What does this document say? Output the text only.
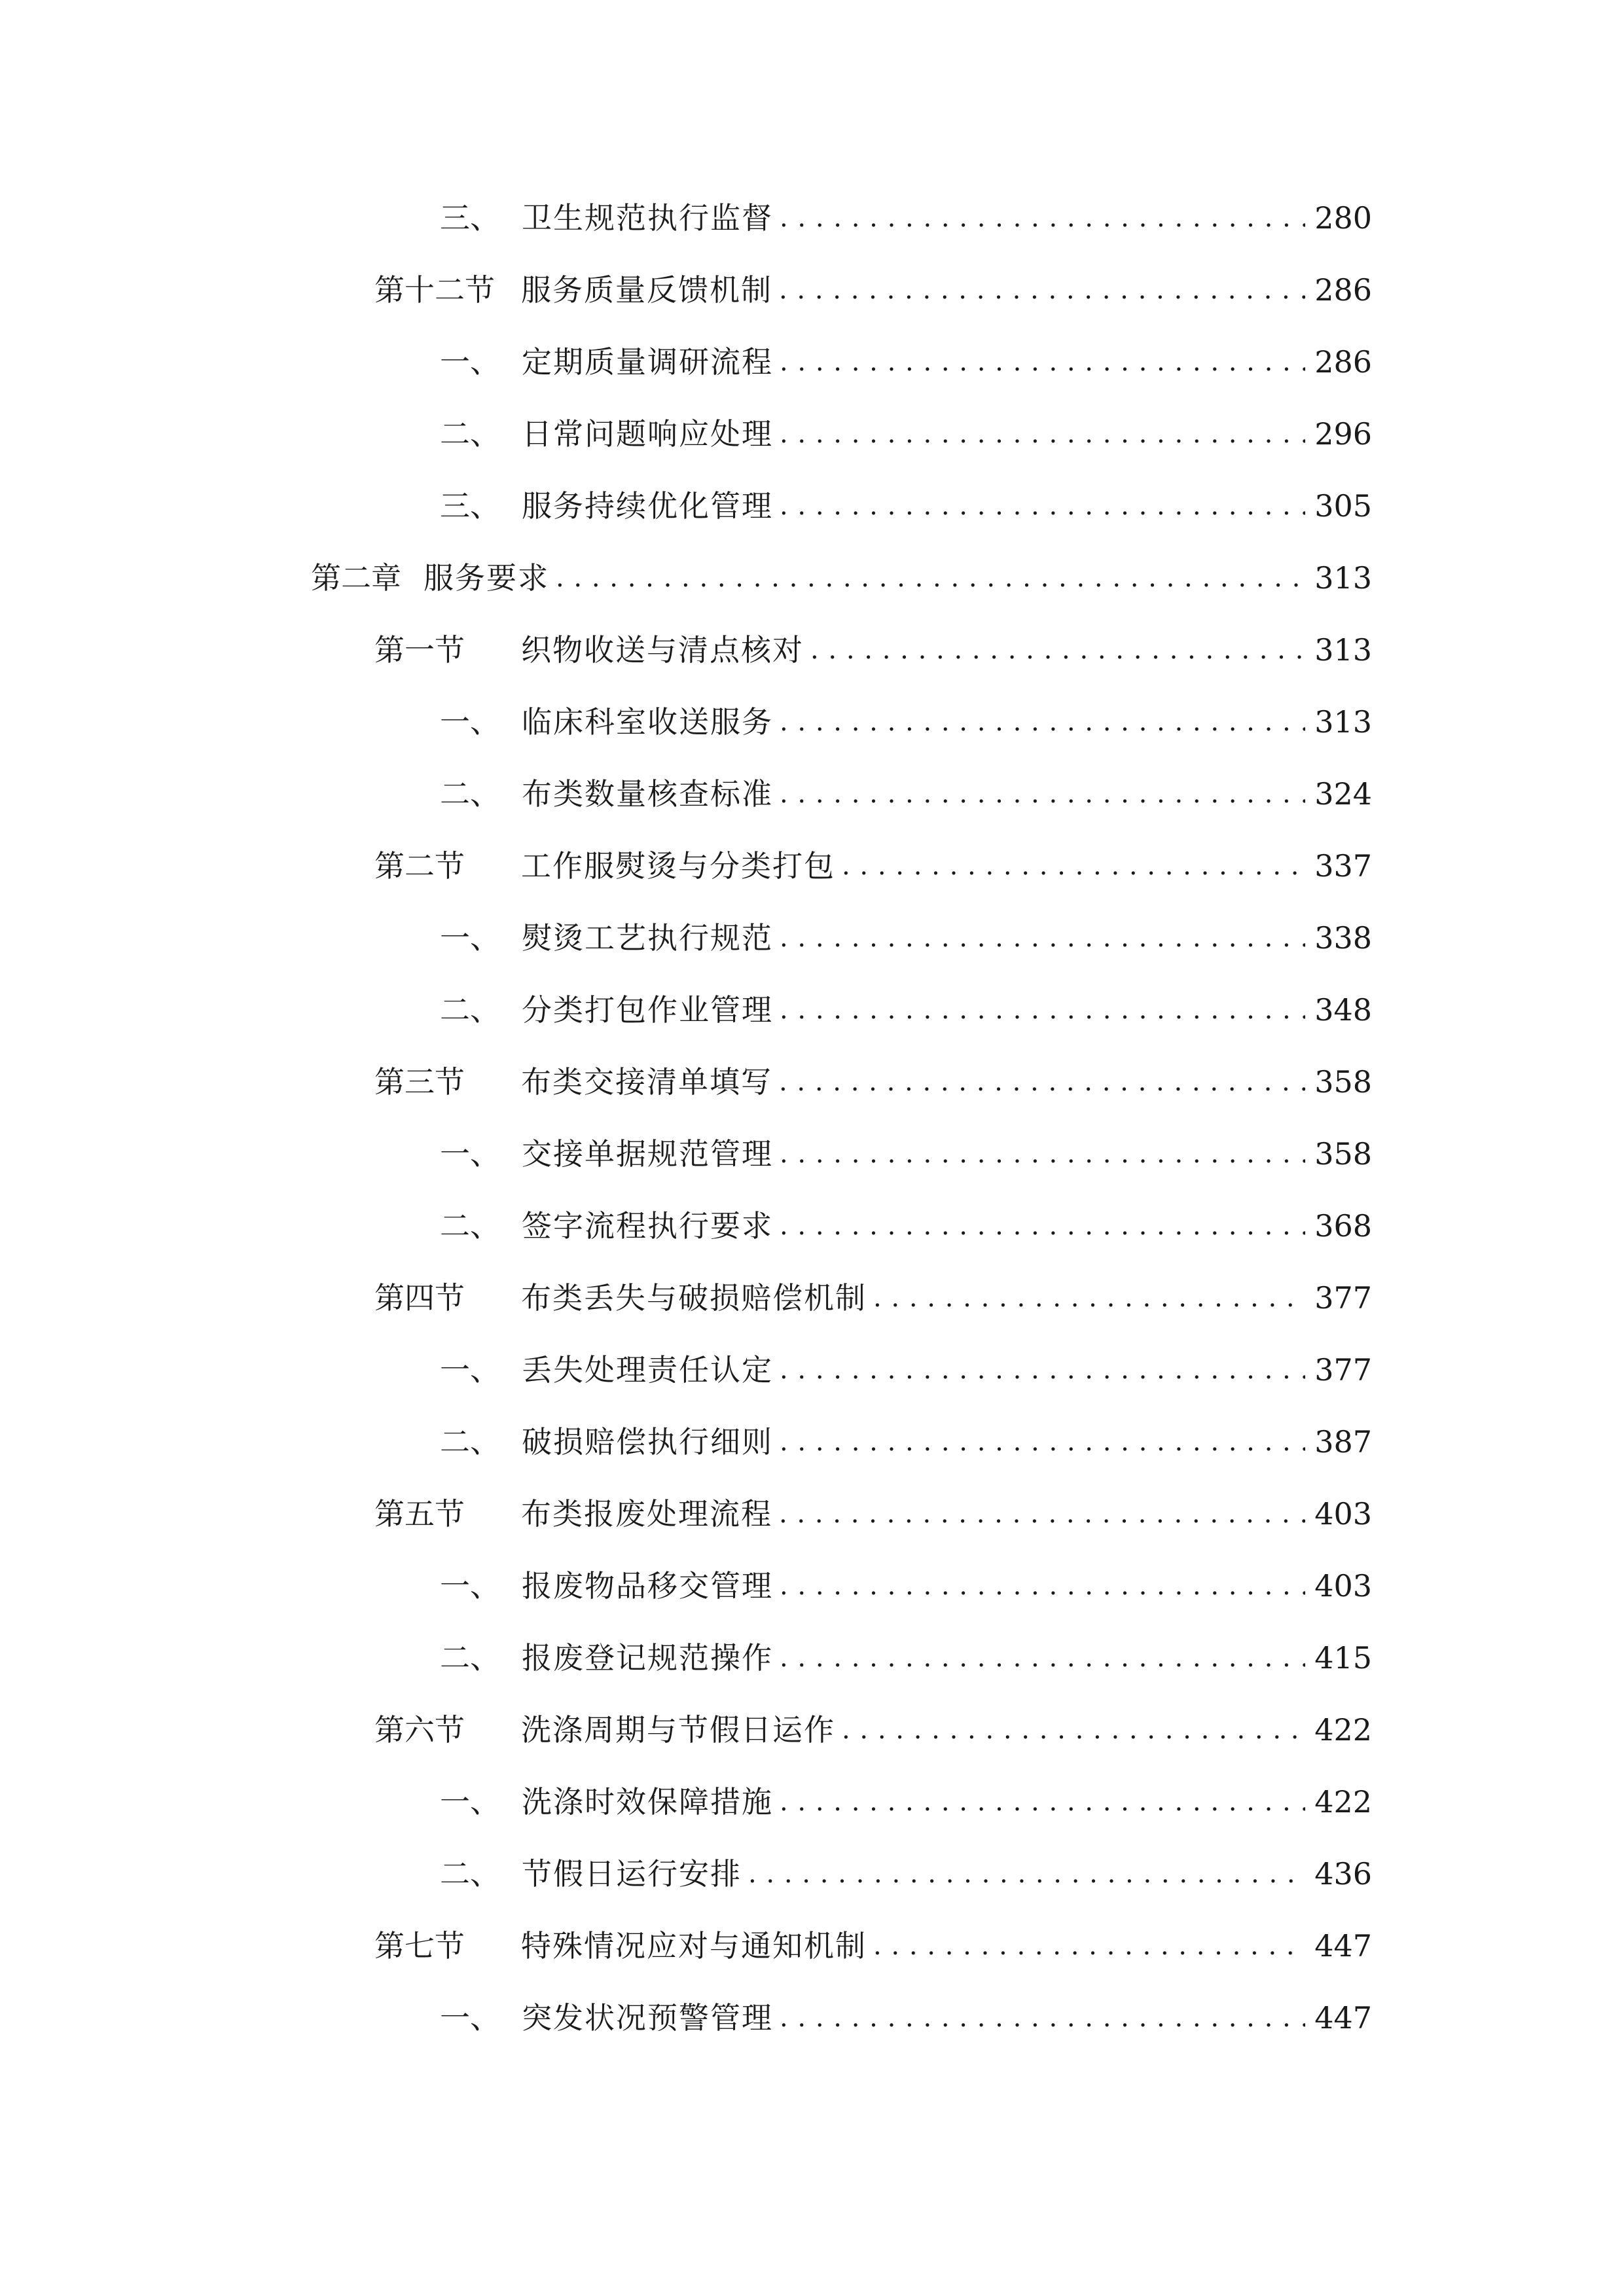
三、 卫生规范执行监督 . . .	280
第十二节 服务质量反馈机制 . . .	286
一、 定期质量调研流程 . . .	286
二、 日常问题响应处理 . . .	296
三、 服务持续优化管理 . . .	305
第二章 服务要求 . . .	313
第一节	织物收送与清点核对 . . .	313
一、 临床科室收送服务 . . .	313
二、 布类数量核查标准 . . .	324
第二节	工作服熨烫与分类打包 . . .	337
一、 熨烫工艺执行规范 . . .	338
二、 分类打包作业管理 . . .	348
第三节	布类交接清单填写 . . .	358
一、 交接单据规范管理 . . .	358
二、 签字流程执行要求 . . .	368
第四节	布类丢失与破损赔偿机制 . . .	377
一、 丢失处理责任认定 . . .	377
二、 破损赔偿执行细则 . . .	387
第五节	布类报废处理流程 . . .	403
一、 报废物品移交管理 . . .	403
二、 报废登记规范操作 . . .	415
第六节	洗涤周期与节假日运作 . . .	422
一、 洗涤时效保障措施 . . .	422
二、 节假日运行安排 . . .	436
第七节	特殊情况应对与通知机制 . . .	447
一、 突发状况预警管理 . . .	447
